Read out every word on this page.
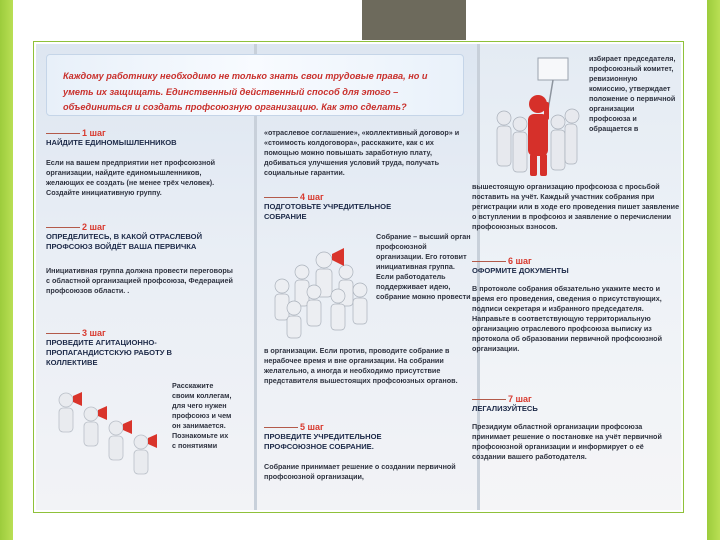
Каждому работнику необходимо не только знать свои трудовые права, но и уметь их защищать. Единственный действенный способ для этого – объединиться и создать профсоюзную организацию. Как это сделать?

1 шаг

НАЙДИТЕ ЕДИНОМЫШЛЕННИКОВ

Если на вашем предприятии нет профсоюзной организации, найдите единомышленников, желающих ее создать (не менее трёх человек). Создайте инициативную группу.

2 шаг

ОПРЕДЕЛИТЕСЬ, В КАКОЙ ОТРАСЛЕВОЙ ПРОФСОЮЗ ВОЙДЁТ ВАША ПЕРВИЧКА

Инициативная группа должна провести переговоры с областной организацией профсоюза, Федерацией профсоюзов области. .

3 шаг

ПРОВЕДИТЕ АГИТАЦИОННО-ПРОПАГАНДИСТСКУЮ РАБОТУ В КОЛЛЕКТИВЕ

Расскажите своим коллегам, для чего нужен профсоюз и чем он занимается. Познакомьте их с понятиями

«отраслевое соглашение», «коллективный договор» и «стоимость колдоговора», расскажите, как с их помощью можно повышать заработную плату, добиваться улучшения условий труда, получать социальные гарантии.

4 шаг

ПОДГОТОВЬТЕ УЧРЕДИТЕЛЬНОЕ СОБРАНИЕ

Собрание – высший орган профсоюзной организации. Его готовит инициативная группа. Если работодатель поддерживает идею, собрание можно провести

в организации. Если против, проводите собрание в нерабочее время и вне организации. На собрании желательно, а иногда и необходимо присутствие представителя вышестоящих профсоюзных органов.

5 шаг

ПРОВЕДИТЕ УЧРЕДИТЕЛЬНОЕ ПРОФСОЮЗНОЕ СОБРАНИЕ.

Собрание принимает решение о создании первичной профсоюзной организации,

избирает председателя, профсоюзный комитет, ревизионную комиссию, утверждает положение о первичной организации профсоюза и обращается в

вышестоящую организацию профсоюза с просьбой поставить на учёт. Каждый участник собрания при регистрации или в ходе его проведения пишет заявление о вступлении в профсоюз и заявление о перечислении профсоюзных взносов.

6 шаг

ОФОРМИТЕ ДОКУМЕНТЫ

В протоколе собрания обязательно укажите место и время его проведения, сведения о присутствующих, подписи секретаря и избранного председателя. Направьте в соответствующую территориальную организацию отраслевого профсоюза выписку из протокола об образовании первичной профсоюзной организации.

7 шаг

ЛЕГАЛИЗУЙТЕСЬ

Президиум областной организации профсоюза принимает решение о постановке на учёт первичной профсоюзной организации и информирует о её создании вашего работодателя.
